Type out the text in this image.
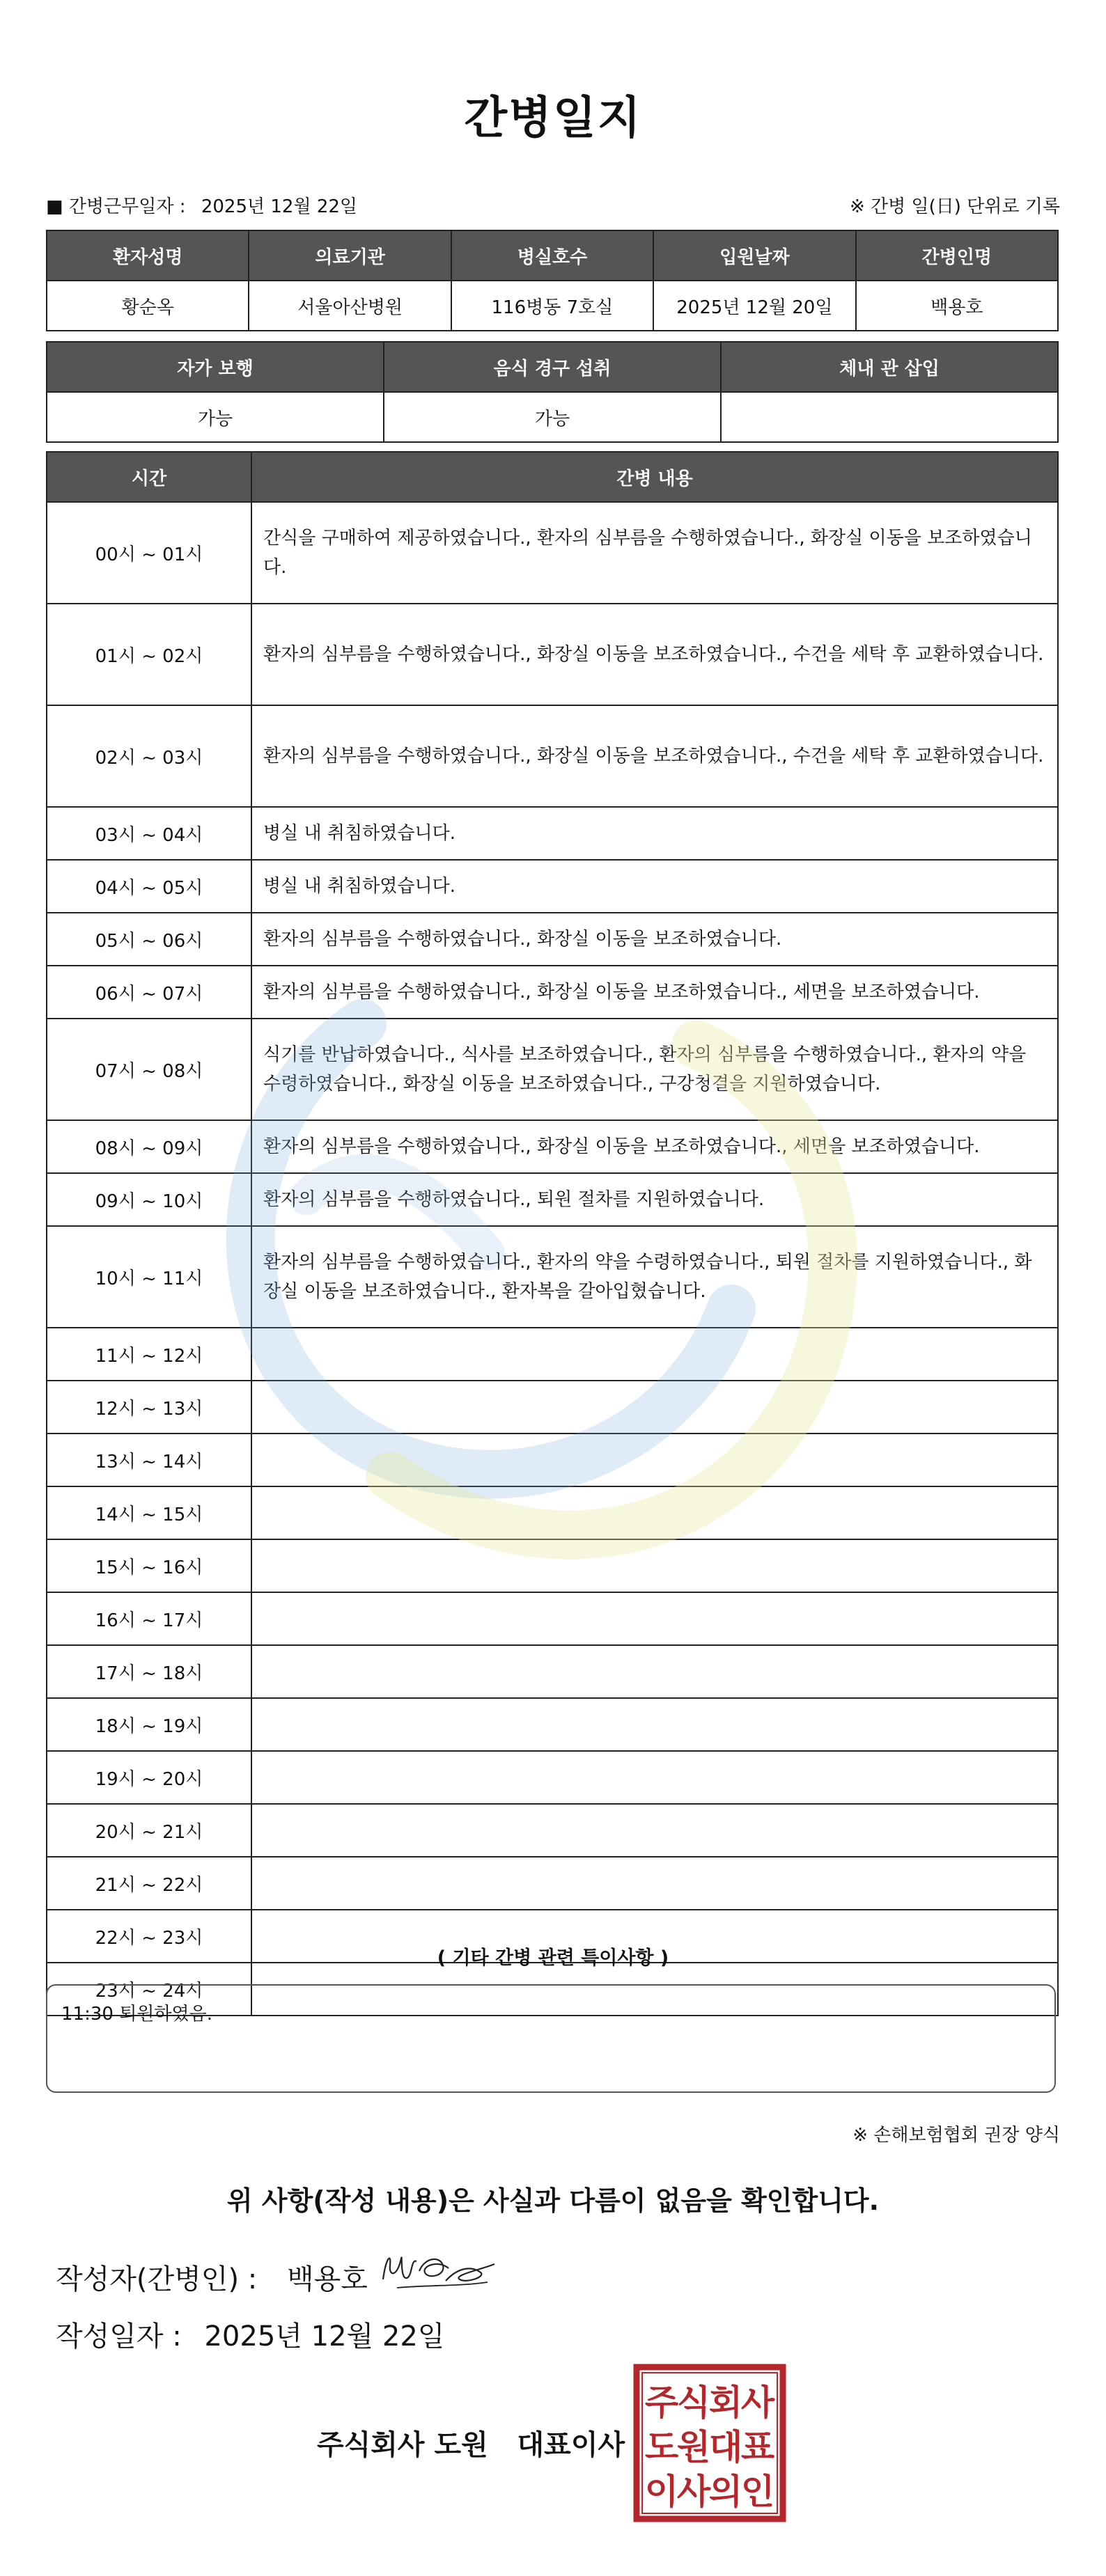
간병일지
■ 간병근무일자 : 2025년 12월 22일	※ 간병 일(日) 단위로 기록
환자성명	의료기관	병실호수	입원날짜	간병인명
황순옥	서울아산병원	116병동 7호실	2025년 12월 20일	백용호
자가 보행	음식 경구 섭취	체내 관 삽입
가능	가능	
시간	간병 내용
00시 ~ 01시	간식을 구매하여 제공하였습니다., 환자의 심부름을 수행하였습니다., 화장실 이동을 보조하였습니다.
01시 ~ 02시	환자의 심부름을 수행하였습니다., 화장실 이동을 보조하였습니다., 수건을 세탁 후 교환하였습니다.
02시 ~ 03시	환자의 심부름을 수행하였습니다., 화장실 이동을 보조하였습니다., 수건을 세탁 후 교환하였습니다.
03시 ~ 04시	병실 내 취침하였습니다.
04시 ~ 05시	병실 내 취침하였습니다.
05시 ~ 06시	환자의 심부름을 수행하였습니다., 화장실 이동을 보조하였습니다.
06시 ~ 07시	환자의 심부름을 수행하였습니다., 화장실 이동을 보조하였습니다., 세면을 보조하였습니다.
07시 ~ 08시	식기를 반납하였습니다., 식사를 보조하였습니다., 환자의 심부름을 수행하였습니다., 환자의 약을 수령하였습니다., 화장실 이동을 보조하였습니다., 구강청결을 지원하였습니다.
08시 ~ 09시	환자의 심부름을 수행하였습니다., 화장실 이동을 보조하였습니다., 세면을 보조하였습니다.
09시 ~ 10시	환자의 심부름을 수행하였습니다., 퇴원 절차를 지원하였습니다.
10시 ~ 11시	환자의 심부름을 수행하였습니다., 환자의 약을 수령하였습니다., 퇴원 절차를 지원하였습니다., 화장실 이동을 보조하였습니다., 환자복을 갈아입혔습니다.
11시 ~ 12시	
12시 ~ 13시	
13시 ~ 14시	
14시 ~ 15시	
15시 ~ 16시	
16시 ~ 17시	
17시 ~ 18시	
18시 ~ 19시	
19시 ~ 20시	
20시 ~ 21시	
21시 ~ 22시	
22시 ~ 23시	
23시 ~ 24시	
( 기타 간병 관련 특이사항 )
11:30 퇴원하였음.
※ 손해보험협회 권장 양식
위 사항(작성 내용)은 사실과 다름이 없음을 확인합니다.
작성자(간병인) : 백용호
작성일자 : 2025년 12월 22일
주식회사 도원   대표이사
주
식
회
사
도
원
대
표
이
사
의
인
